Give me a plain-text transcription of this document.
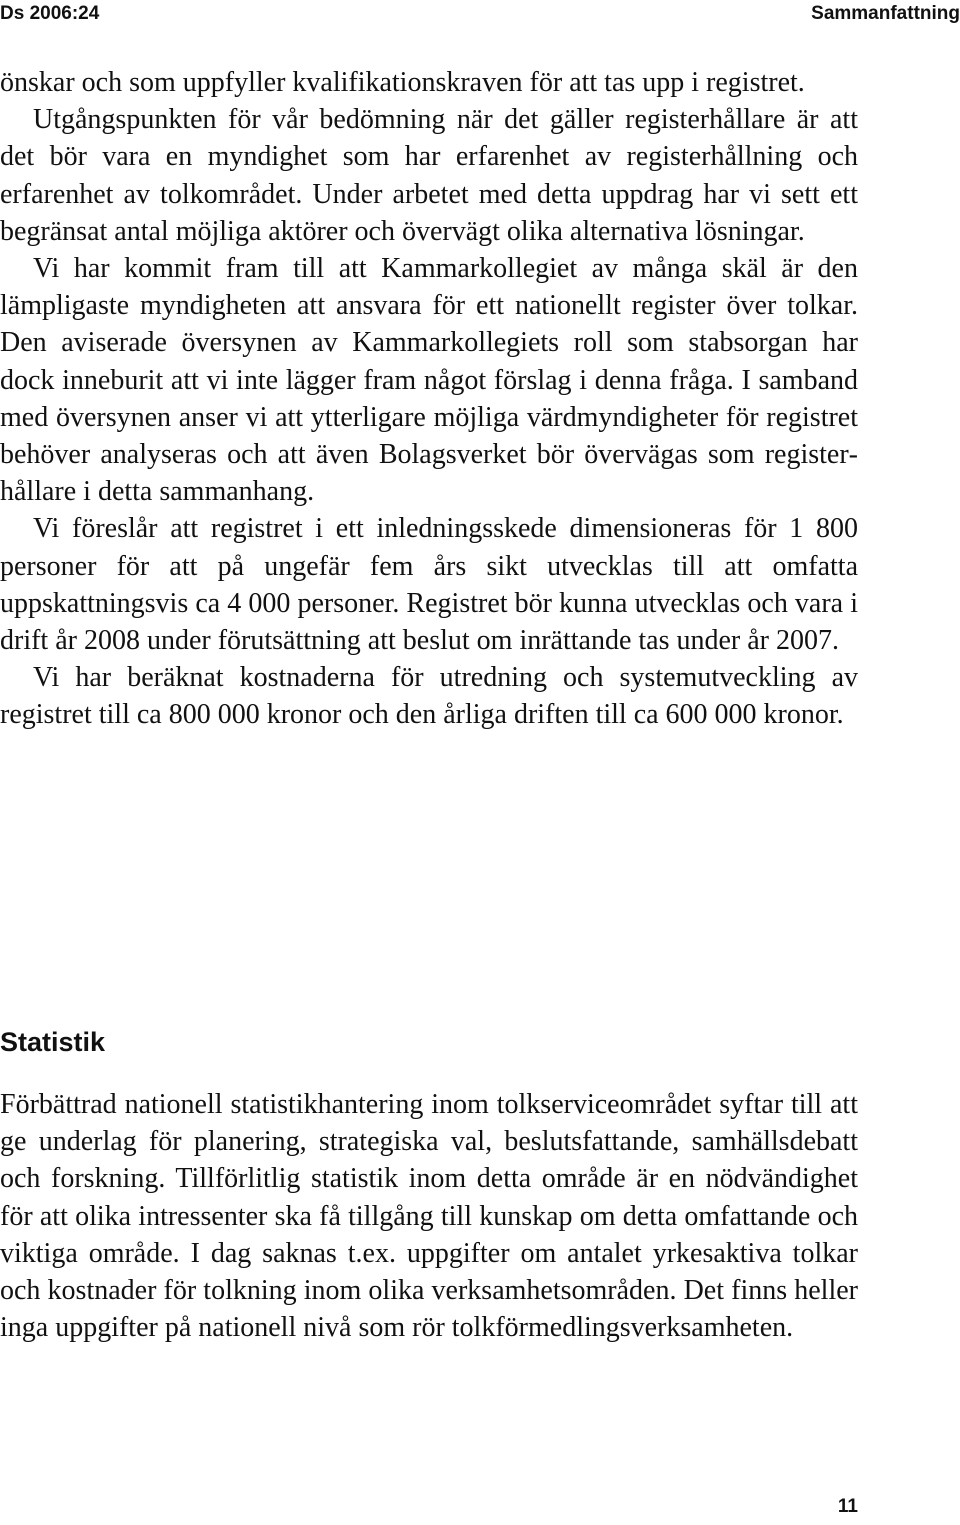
Ds 2006:24	Sammanfattning

önskar och som uppfyller kvalifikationskraven för att tas upp i registret.

Utgångspunkten för vår bedömning när det gäller registerhållare är att det bör vara en myndighet som har erfarenhet av registerhållning och erfarenhet av tolkområdet. Under arbetet med detta uppdrag har vi sett ett begränsat antal möjliga aktörer och övervägt olika alternativa lösningar.

Vi har kommit fram till att Kammarkollegiet av många skäl är den lämpligaste myndigheten att ansvara för ett nationellt register över tolkar. Den aviserade översynen av Kammarkollegiets roll som stabsorgan har dock inneburit att vi inte lägger fram något förslag i denna fråga. I samband med översynen anser vi att ytterligare möjliga värdmyndigheter för registret behöver analyseras och att även Bolagsverket bör övervägas som registerhållare i detta sammanhang.

Vi föreslår att registret i ett inledningsskede dimensioneras för 1 800 personer för att på ungefär fem års sikt utvecklas till att omfatta uppskattningsvis ca 4 000 personer. Registret bör kunna utvecklas och vara i drift år 2008 under förutsättning att beslut om inrättande tas under år 2007.

Vi har beräknat kostnaderna för utredning och systemutveckling av registret till ca 800 000 kronor och den årliga driften till ca 600 000 kronor.

Statistik

Förbättrad nationell statistikhantering inom tolkserviceområdet syftar till att ge underlag för planering, strategiska val, beslutsfattande, samhällsdebatt och forskning. Tillförlitlig statistik inom detta område är en nödvändighet för att olika intressenter ska få tillgång till kunskap om detta omfattande och viktiga område. I dag saknas t.ex. uppgifter om antalet yrkesaktiva tolkar och kostnader för tolkning inom olika verksamhetsområden. Det finns heller inga uppgifter på nationell nivå som rör tolkförmedlingsverksamheten.

11
